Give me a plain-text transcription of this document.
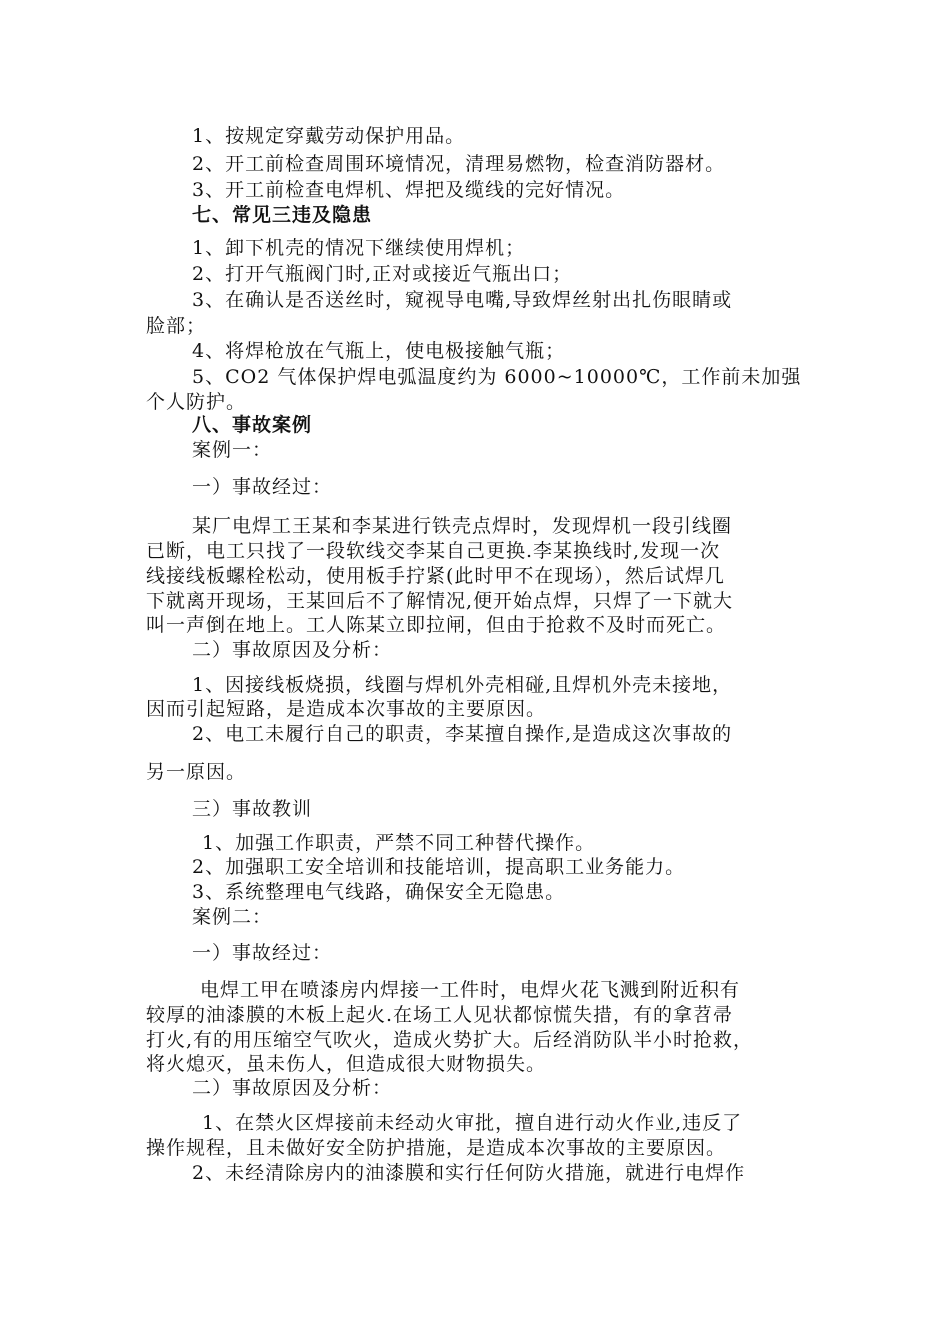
1、按规定穿戴劳动保护用品。
2、开工前检查周围环境情况，清理易燃物，检查消防器材。
3、开工前检查电焊机、焊把及缆线的完好情况。
七、常见三违及隐患
1、卸下机壳的情况下继续使用焊机；
2、打开气瓶阀门时,正对或接近气瓶出口；
3、在确认是否送丝时，窥视导电嘴,导致焊丝射出扎伤眼睛或
脸部；
4、将焊枪放在气瓶上，使电极接触气瓶；
5、CO2 气体保护焊电弧温度约为 6000~10000℃，工作前未加强
个人防护。
八、事故案例
案例一：
一）事故经过：
某厂电焊工王某和李某进行铁壳点焊时，发现焊机一段引线圈
已断，电工只找了一段软线交李某自己更换.李某换线时,发现一次
线接线板螺栓松动，使用板手拧紧(此时甲不在现场），然后试焊几
下就离开现场，王某回后不了解情况,便开始点焊，只焊了一下就大
叫一声倒在地上。工人陈某立即拉闸，但由于抢救不及时而死亡。
二）事故原因及分析：
1、因接线板烧损，线圈与焊机外壳相碰,且焊机外壳未接地，
因而引起短路，是造成本次事故的主要原因。
2、电工未履行自己的职责，李某擅自操作,是造成这次事故的
另一原因。
三）事故教训
1、加强工作职责，严禁不同工种替代操作。
2、加强职工安全培训和技能培训，提高职工业务能力。
3、系统整理电气线路，确保安全无隐患。
案例二：
一）事故经过：
电焊工甲在喷漆房内焊接一工件时，电焊火花飞溅到附近积有
较厚的油漆膜的木板上起火.在场工人见状都惊慌失措，有的拿苕帚
打火,有的用压缩空气吹火，造成火势扩大。后经消防队半小时抢救，
将火熄灭，虽未伤人，但造成很大财物损失。
二）事故原因及分析：
1、在禁火区焊接前未经动火审批，擅自进行动火作业,违反了
操作规程，且未做好安全防护措施，是造成本次事故的主要原因。
2、未经清除房内的油漆膜和实行任何防火措施，就进行电焊作
